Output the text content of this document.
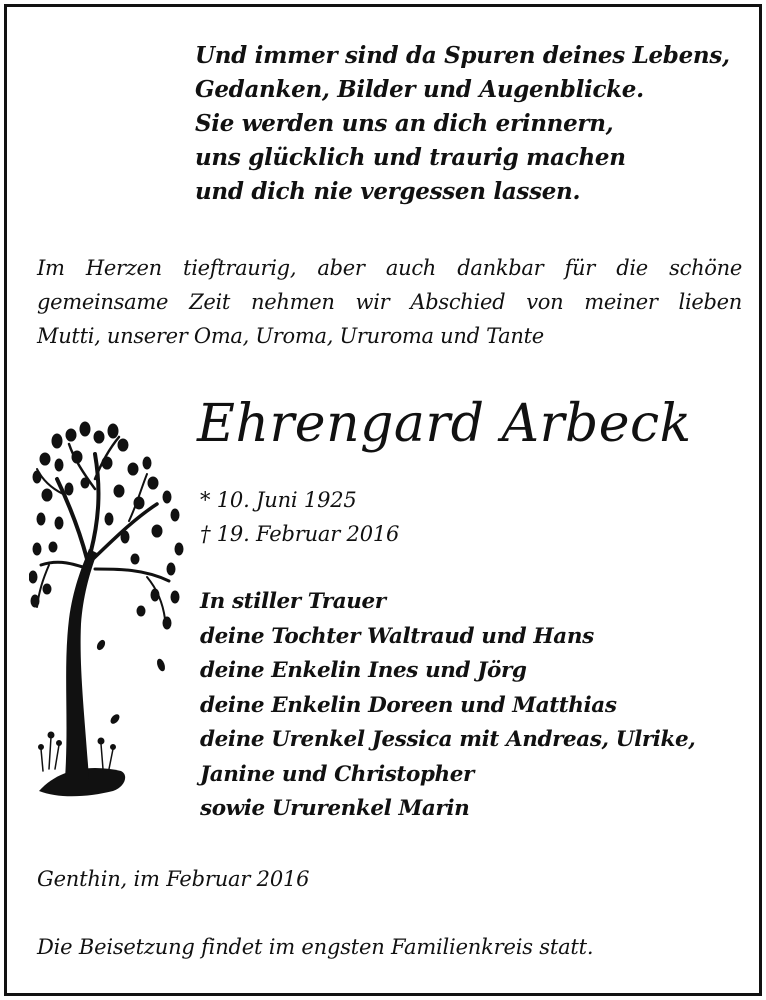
Und immer sind da Spuren deines Lebens,
Gedanken, Bilder und Augenblicke.
Sie werden uns an dich erinnern,
uns glücklich und traurig machen
und dich nie vergessen lassen.
Im Herzen tieftraurig, aber auch dankbar für die schöne
gemeinsame Zeit nehmen wir Abschied von meiner lieben
Mutti, unserer Oma, Uroma, Ururoma und Tante
Ehrengard Arbeck
* 10. Juni 1925
† 19. Februar 2016
In stiller Trauer
deine Tochter Waltraud und Hans
deine Enkelin Ines und Jörg
deine Enkelin Doreen und Matthias
deine Urenkel Jessica mit Andreas, Ulrike,
Janine und Christopher
sowie Ururenkel Marin
Genthin, im Februar 2016
Die Beisetzung findet im engsten Familienkreis statt.
